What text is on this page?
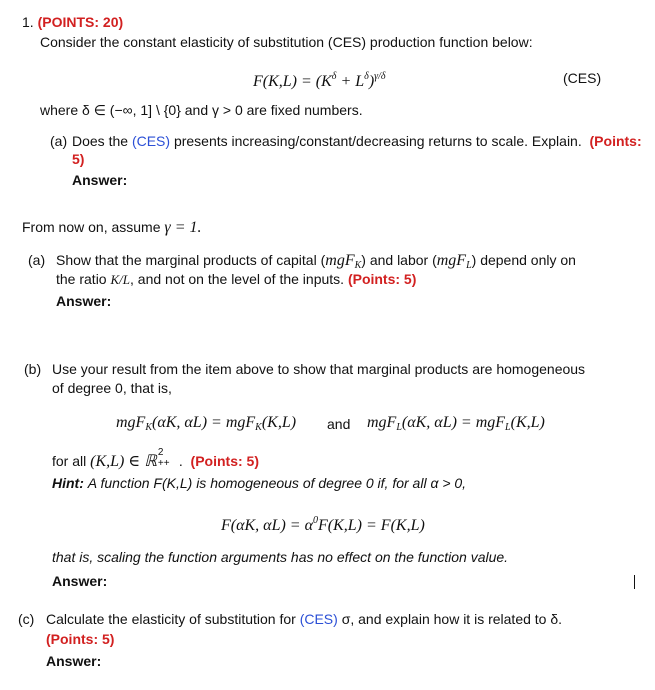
1. (POINTS: 20)
Consider the constant elasticity of substitution (CES) production function below:
$F(K,L) = (K^\delta + L^\delta)^{\gamma/\delta}$	(CES)
where δ ∈ (−∞, 1] \ {0} and γ > 0 are fixed numbers.
(a) Does the (CES) presents increasing/constant/decreasing returns to scale. Explain. (Points:
5)
Answer:
From now on, assume γ = 1.
(a) Show that the marginal products of capital (mgF$_K$) and labor (mgF$_L$) depend only on
the ratio K/L, and not on the level of the inputs. (Points: 5)
Answer:
(b) Use your result from the item above to show that marginal products are homogeneous
of degree 0, that is,
mgF$_K$(αK, αL) = mgF$_K$(K,L) and mgF$_L$(αK, αL) = mgF$_L$(K,L)
for all (K,L) ∈ ℝ
2
++ . (Points: 5)
Hint: A function F(K,L) is homogeneous of degree 0 if, for all α > 0,
F(αK, $\alpha L) = \alpha^0F(K,L) = F(K,L)$
that is, scaling the function arguments has no effect on the function value.
Answer:
(c) Calculate the elasticity of substitution for (CES) σ, and explain how it is related to δ.
(Points: 5)
Answer:
